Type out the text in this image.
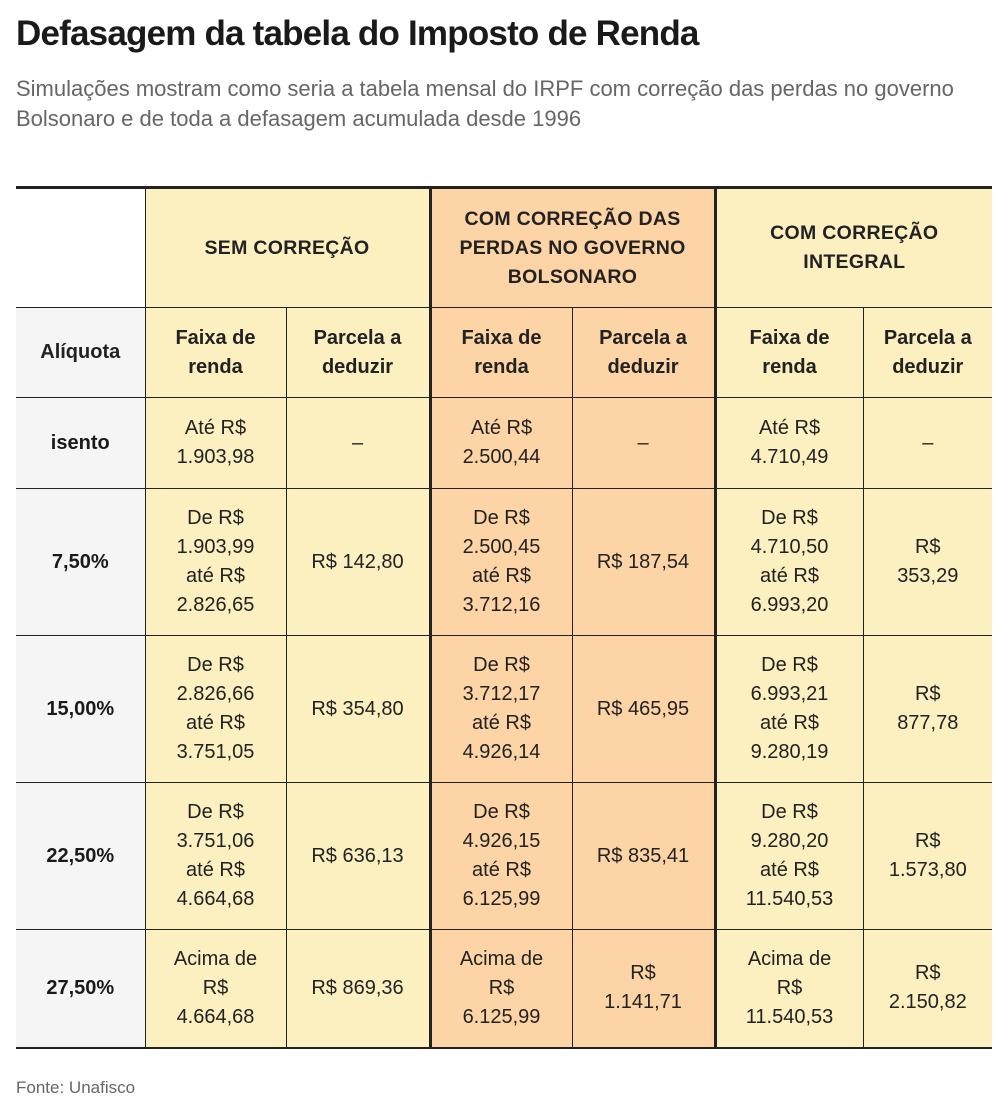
Defasagem da tabela do Imposto de Renda
Simulações mostram como seria a tabela mensal do IRPF com correção das perdas no governo Bolsonaro e de toda a defasagem acumulada desde 1996
	SEM CORREÇÃO		COM CORREÇÃO DAS PERDAS NO GOVERNO BOLSONARO		COM CORREÇÃO INTEGRAL	
Alíquota	Faixa de renda	Parcela a deduzir	Faixa de renda	Parcela a deduzir	Faixa de renda	Parcela a deduzir
isento	Até R$ 1.903,98	–	Até R$ 2.500,44	–	Até R$ 4.710,49	–
7,50%	De R$ 1.903,99 até R$ 2.826,65	R$ 142,80	De R$ 2.500,45 até R$ 3.712,16	R$ 187,54	De R$ 4.710,50 até R$ 6.993,20	R$ 353,29
15,00%	De R$ 2.826,66 até R$ 3.751,05	R$ 354,80	De R$ 3.712,17 até R$ 4.926,14	R$ 465,95	De R$ 6.993,21 até R$ 9.280,19	R$ 877,78
22,50%	De R$ 3.751,06 até R$ 4.664,68	R$ 636,13	De R$ 4.926,15 até R$ 6.125,99	R$ 835,41	De R$ 9.280,20 até R$ 11.540,53	R$ 1.573,80
27,50%	Acima de R$ 4.664,68	R$ 869,36	Acima de R$ 6.125,99	R$ 1.141,71	Acima de R$ 11.540,53	R$ 2.150,82
Fonte: Unafisco
